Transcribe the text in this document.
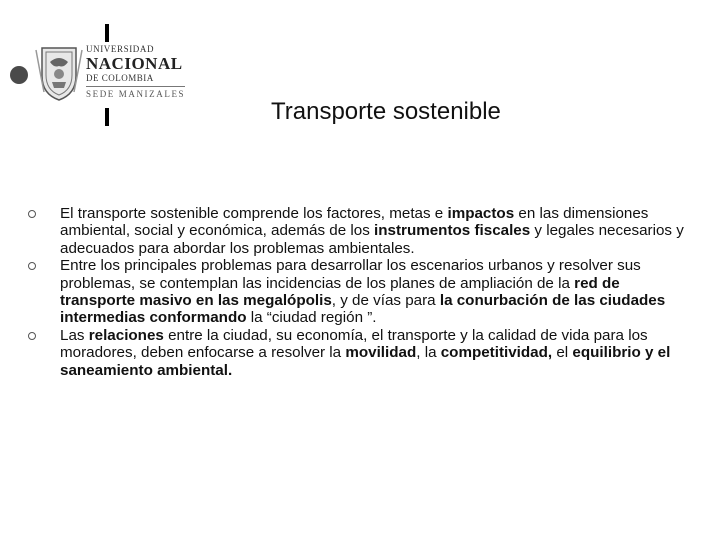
UNIVERSIDAD
NACIONAL
DE COLOMBIA
SEDE MANIZALES
Transporte sostenible
El transporte sostenible comprende los factores, metas e impactos en las dimensiones ambiental, social y económica, además de los instrumentos fiscales y legales necesarios y adecuados para abordar los problemas ambientales.
Entre los principales problemas para desarrollar los escenarios urbanos y resolver sus problemas, se contemplan las incidencias de los planes de ampliación de la red de transporte masivo en las megalópolis, y de vías para la conurbación de las ciudades intermedias conformando la “ciudad región ”.
Las relaciones entre la ciudad, su economía, el transporte y la calidad de vida para los moradores, deben enfocarse a resolver la movilidad, la competitividad, el equilibrio y el saneamiento ambiental.
